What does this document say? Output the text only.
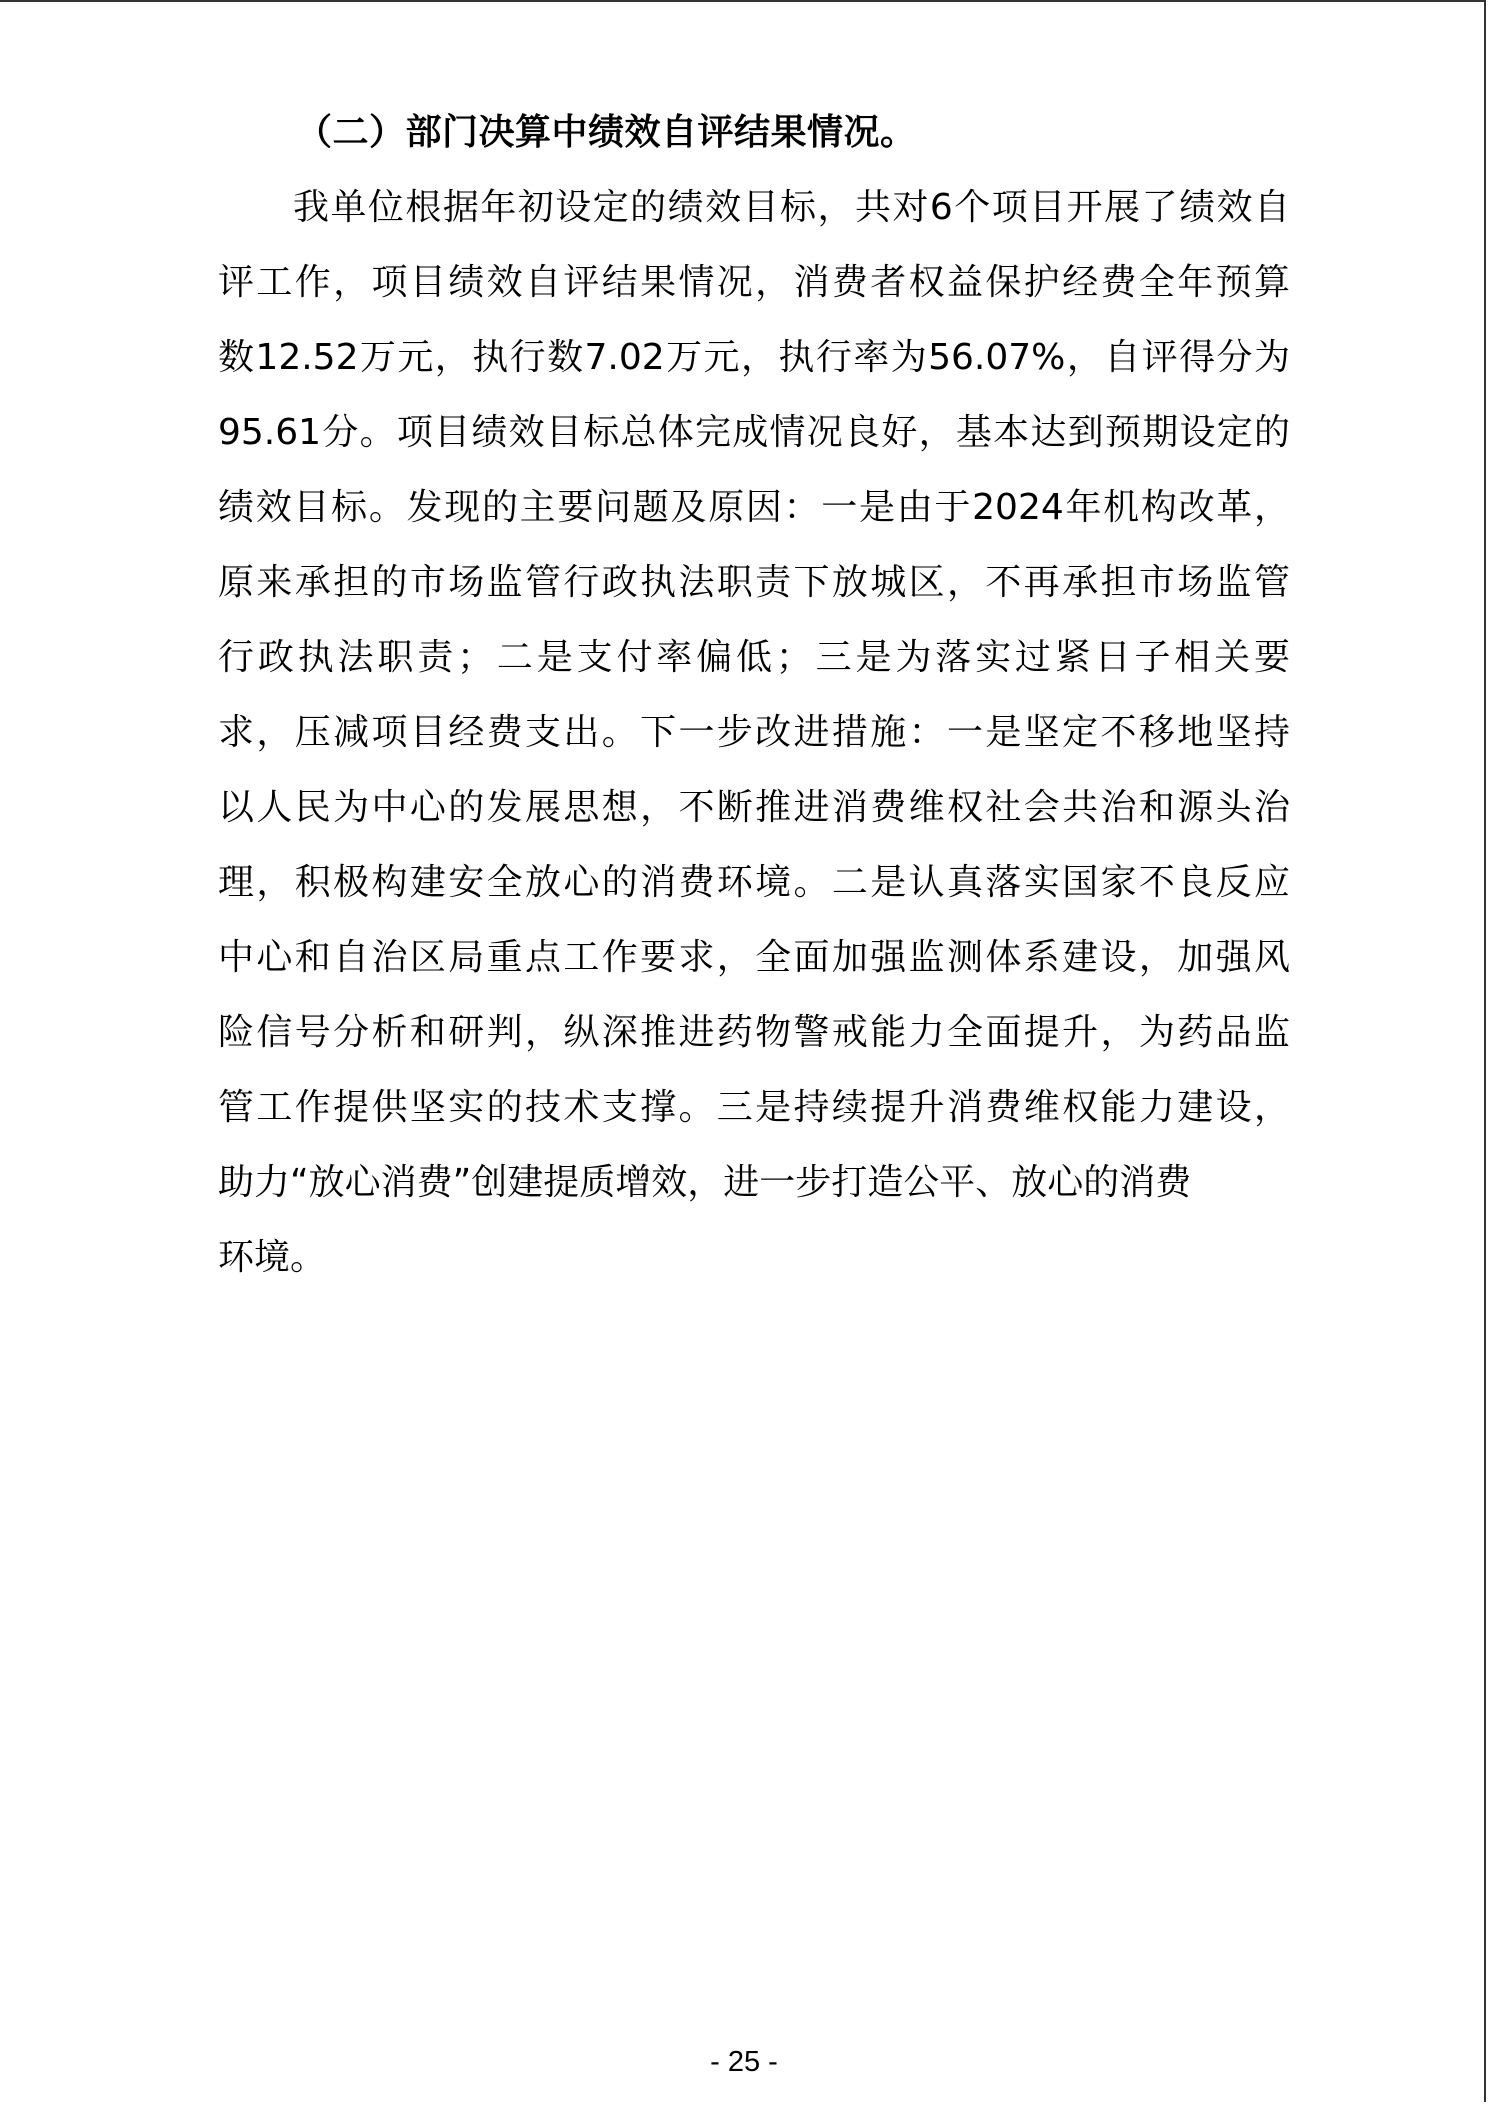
（二）部门决算中绩效自评结果情况。
我单位根据年初设定的绩效目标，共对6个项目开展了绩效自
评工作，项目绩效自评结果情况，消费者权益保护经费全年预算
数12.52万元，执行数7.02万元，执行率为56.07%，自评得分为
95.61分。项目绩效目标总体完成情况良好，基本达到预期设定的
绩效目标。发现的主要问题及原因：一是由于2024年机构改革，
原来承担的市场监管行政执法职责下放城区，不再承担市场监管
行政执法职责；二是支付率偏低；三是为落实过紧日子相关要
求，压减项目经费支出。下一步改进措施：一是坚定不移地坚持
以人民为中心的发展思想，不断推进消费维权社会共治和源头治
理，积极构建安全放心的消费环境。二是认真落实国家不良反应
中心和自治区局重点工作要求，全面加强监测体系建设，加强风
险信号分析和研判，纵深推进药物警戒能力全面提升，为药品监
管工作提供坚实的技术支撑。三是持续提升消费维权能力建设，
助力“放心消费”创建提质增效，进一步打造公平、放心的消费
环境。
- 25 -
